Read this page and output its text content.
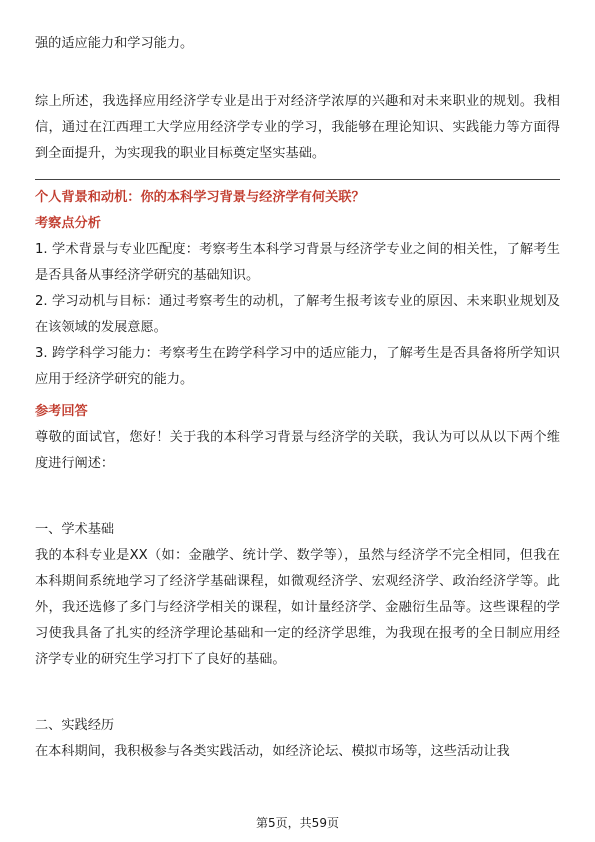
强的适应能力和学习能力。

综上所述，我选择应用经济学专业是出于对经济学浓厚的兴趣和对未来职业的规划。我相信，通过在江西理工大学应用经济学专业的学习，我能够在理论知识、实践能力等方面得到全面提升，为实现我的职业目标奠定坚实基础。

个人背景和动机：你的本科学习背景与经济学有何关联？

考察点分析

1. 学术背景与专业匹配度：考察考生本科学习背景与经济学专业之间的相关性，了解考生是否具备从事经济学研究的基础知识。

2. 学习动机与目标：通过考察考生的动机，了解考生报考该专业的原因、未来职业规划及在该领域的发展意愿。

3. 跨学科学习能力：考察考生在跨学科学习中的适应能力，了解考生是否具备将所学知识应用于经济学研究的能力。

参考回答

尊敬的面试官，您好！关于我的本科学习背景与经济学的关联，我认为可以从以下两个维度进行阐述：

一、学术基础

我的本科专业是XX（如：金融学、统计学、数学等），虽然与经济学不完全相同，但我在本科期间系统地学习了经济学基础课程，如微观经济学、宏观经济学、政治经济学等。此外，我还选修了多门与经济学相关的课程，如计量经济学、金融衍生品等。这些课程的学习使我具备了扎实的经济学理论基础和一定的经济学思维，为我现在报考的全日制应用经济学专业的研究生学习打下了良好的基础。

二、实践经历

在本科期间，我积极参与各类实践活动，如经济论坛、模拟市场等，这些活动让我

第5页，共59页
